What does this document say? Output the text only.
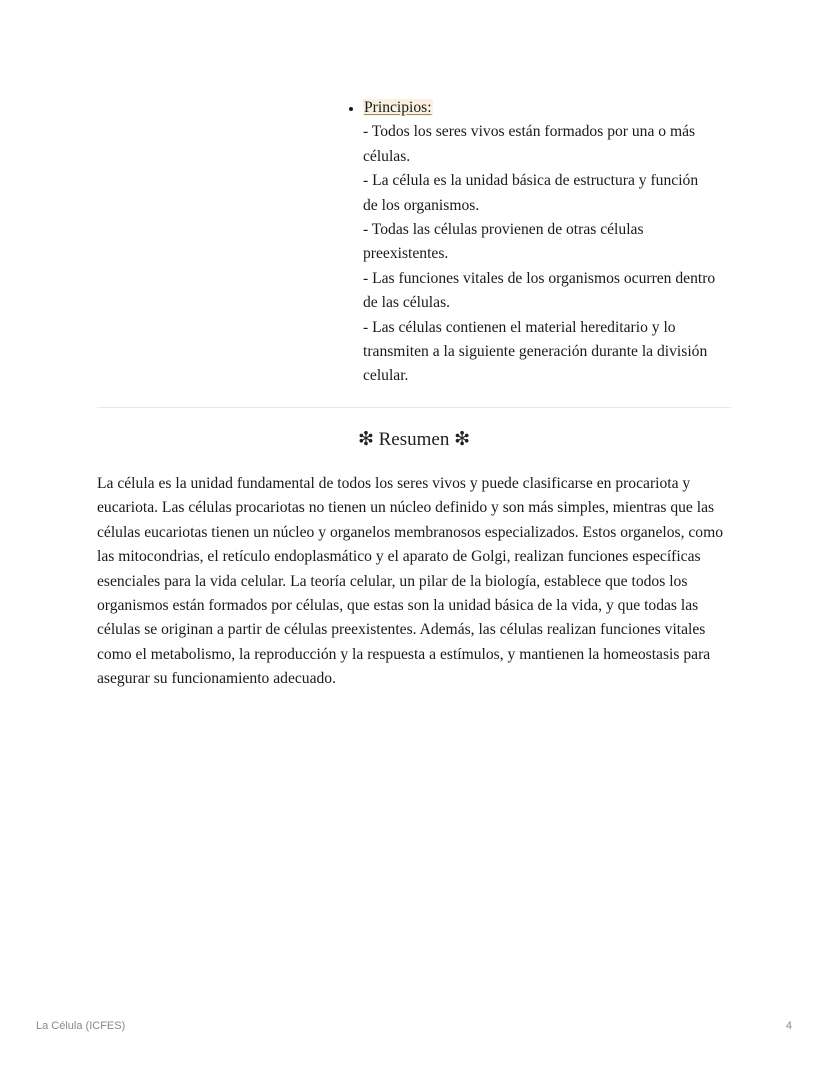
• Principios:
- Todos los seres vivos están formados por una o más
células.
- La célula es la unidad básica de estructura y función
de los organismos.
- Todas las células provienen de otras células
preexistentes.
- Las funciones vitales de los organismos ocurren dentro
de las células.
- Las células contienen el material hereditario y lo
transmiten a la siguiente generación durante la división
celular.
❇ Resumen ❇

La célula es la unidad fundamental de todos los seres vivos y puede clasificarse en procariota y eucariota. Las células procariotas no tienen un núcleo definido y son más simples, mientras que las células eucariotas tienen un núcleo y organelos membranosos especializados. Estos organelos, como las mitocondrias, el retículo endoplasmático y el aparato de Golgi, realizan funciones específicas esenciales para la vida celular. La teoría celular, un pilar de la biología, establece que todos los organismos están formados por células, que estas son la unidad básica de la vida, y que todas las células se originan a partir de células preexistentes. Además, las células realizan funciones vitales como el metabolismo, la reproducción y la respuesta a estímulos, y mantienen la homeostasis para asegurar su funcionamiento adecuado.

La Célula (ICFES)	4
